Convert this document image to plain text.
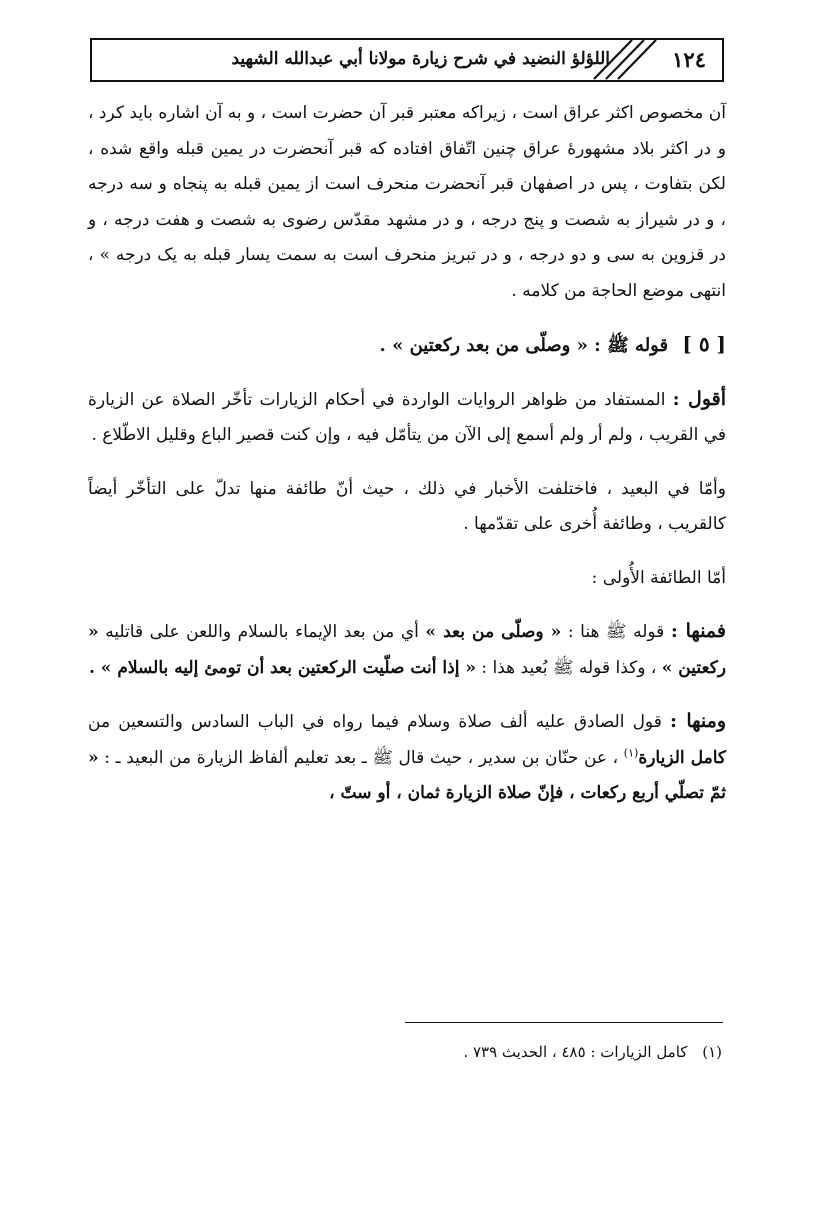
اللؤلؤ النضيد في شرح زيارة مولانا أبي عبدالله الشهيد	١٢٤

آن مخصوص اكثر عراق است ، زيراكه معتبر قبر آن حضرت است ، و به آن اشاره بايد كرد ، و در اكثر بلاد مشهورهٔ عراق چنين اتّفاق افتاده كه قبر آنحضرت در يمين قبله واقع شده ، لكن بتفاوت ، پس در اصفهان قبر آنحضرت منحرف است از يمين قبله به پنجاه و سه درجه ، و در شيراز به شصت و پنج درجه ، و در مشهد مقدّس رضوى به شصت و هفت درجه ، و در قزوين به سى و دو درجه ، و در تبريز منحرف است به سمت يسار قبله به يک درجه » ، انتهى موضع الحاجة من كلامه .

[ ٥ ] قوله ﷺ : « وصلّى من بعد ركعتين » .

أقول : المستفاد من ظواهر الروايات الواردة في أحكام الزيارات تأخّر الصلاة عن الزيارة في القريب ، ولم أر ولم أسمع إلى الآن من يتأمّل فيه ، وإن كنت قصير الباع وقليل الاطّلاع .

وأمّا في البعيد ، فاختلفت الأخبار في ذلك ، حيث أنّ طائفة منها تدلّ على التأخّر أيضاً كالقريب ، وطائفة أُخرى على تقدّمها .

أمّا الطائفة الأُولى :

فمنها : قوله ﷺ هنا : « وصلّى من بعد » أي من بعد الإيماء بالسلام واللعن على قاتليه « ركعتين » ، وكذا قوله ﷺ بُعيد هذا : « إذا أنت صلّيت الركعتين بعد أن تومئ إليه بالسلام » .

ومنها : قول الصادق عليه ألف صلاة وسلام فيما رواه في الباب السادس والتسعين من كامل الزيارة$^{(١)}$ ، عن حنّان بن سدير ، حيث قال ﷺ ـ بعد تعليم ألفاظ الزيارة من البعيد ـ : « ثمّ تصلّي أربع ركعات ، فإنّ صلاة الزيارة ثمان ، أو ستّ ،

(١) كامل الزيارات : ٤٨٥ ، الحديث ٧٣٩ .
